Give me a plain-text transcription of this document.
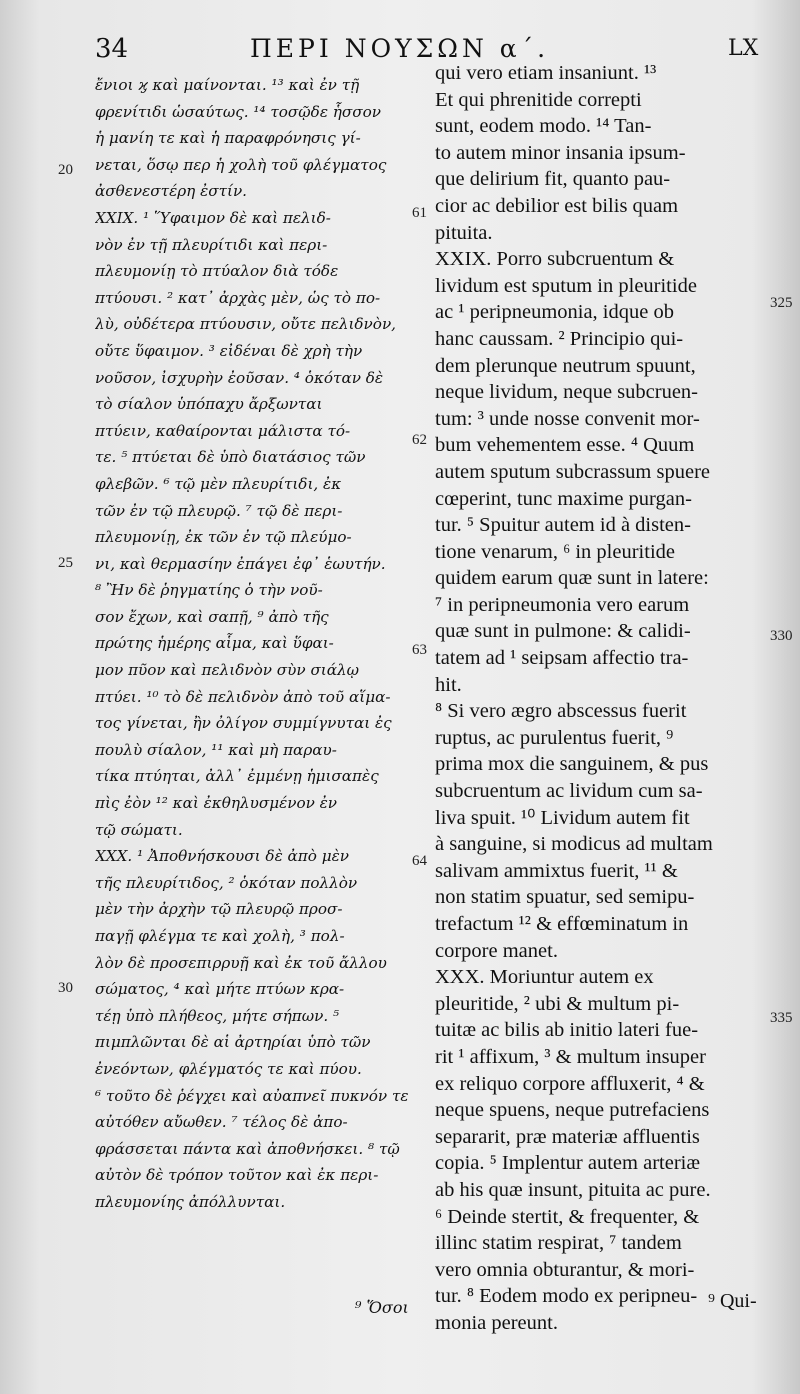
34	ΠΕΡΙ ΝΟΥΣΩΝ α΄.	LX
ἔνιοι ϗ καὶ μαίνονται. ¹³ καὶ ἐν τῇ
φρενίτιδι ὡσαύτως. ¹⁴ τοσῷδε ἧσσον
ἡ μανίη τε καὶ ἡ παραφρόνησις γί-
νεται, ὅσῳ περ ἡ χολὴ τοῦ φλέγματος
ἀσθενεστέρη ἐστίν.
XXIX. ¹ Ὕφαιμον δὲ καὶ πελιδ-
νὸν ἐν τῇ πλευρίτιδι καὶ περι-
πλευμονίῃ τὸ πτύαλον διὰ τόδε
πτύουσι. ² κατ᾽ ἀρχὰς μὲν, ὡς τὸ πο-
λὺ, οὐδέτερα πτύουσιν, οὔτε πελιδνὸν,
οὔτε ὕφαιμον. ³ εἰδέναι δὲ χρὴ τὴν
νοῦσον, ἰσχυρὴν ἐοῦσαν. ⁴ ὁκόταν δὲ
τὸ σίαλον ὑπόπαχυ ἄρξωνται
πτύειν, καθαίρονται μάλιστα τό-
τε. ⁵ πτύεται δὲ ὑπὸ διατάσιος τῶν
φλεβῶν. ⁶ τῷ μὲν πλευρίτιδι, ἐκ
τῶν ἐν τῷ πλευρῷ. ⁷ τῷ δὲ περι-
πλευμονίῃ, ἐκ τῶν ἐν τῷ πλεύμο-
νι, καὶ θερμασίην ἐπάγει ἐφ᾽ ἑωυτήν.
⁸ Ἢν δὲ ῥηγματίης ὁ τὴν νοῦ-
σον ἔχων, καὶ σαπῇ, ⁹ ἀπὸ τῆς
πρώτης ἡμέρης αἷμα, καὶ ὕφαι-
μον πῦον καὶ πελιδνὸν σὺν σιάλῳ
πτύει. ¹⁰ τὸ δὲ πελιδνὸν ἀπὸ τοῦ αἵμα-
τος γίνεται, ἢν ὀλίγον συμμίγνυται ἐς
πουλὺ σίαλον, ¹¹ καὶ μὴ παραυ-
τίκα πτύηται, ἀλλ᾽ ἐμμένῃ ἡμισαπὲς
πὶς ἐὸν ¹² καὶ ἐκθηλυσμένον ἐν
τῷ σώματι.
XXX. ¹ Ἀποθνήσκουσι δὲ ἀπὸ μὲν
τῆς πλευρίτιδος, ² ὁκόταν πολλὸν
μὲν τὴν ἀρχὴν τῷ πλευρῷ προσ-
παγῇ φλέγμα τε καὶ χολὴ, ³ πολ-
λὸν δὲ προσεπιρρυῇ καὶ ἐκ τοῦ ἄλλου
σώματος, ⁴ καὶ μήτε πτύων κρα-
τέῃ ὑπὸ πλήθεος, μήτε σήπων. ⁵
πιμπλῶνται δὲ αἱ ἀρτηρίαι ὑπὸ τῶν
ἐνεόντων, φλέγματός τε καὶ πύου.
⁶ τοῦτο δὲ ῥέγχει καὶ αὐαπνεῖ πυκνόν τε
αὐτόθεν αὔωθεν. ⁷ τέλος δὲ ἀπο-
φράσσεται πάντα καὶ ἀποθνήσκει. ⁸ τῷ
αὐτὸν δὲ τρόπον τοῦτον καὶ ἐκ περι-
πλευμονίης ἀπόλλυνται.
qui vero etiam insaniunt. ¹³
Et qui phrenitide correpti
sunt, eodem modo. ¹⁴ Tan-
to autem minor insania ipsum-
que delirium fit, quanto pau-
cior ac debilior est bilis quam
pituita.
XXIX. Porro subcruentum &
lividum est sputum in pleuritide
ac ¹ peripneumonia, idque ob
hanc caussam. ² Principio qui-
dem plerunque neutrum spuunt,
neque lividum, neque subcruen-
tum: ³ unde nosse convenit mor-
bum vehementem esse. ⁴ Quum
autem sputum subcrassum spuere
cœperint, tunc maxime purgan-
tur. ⁵ Spuitur autem id à disten-
tione venarum, ⁶ in pleuritide
quidem earum quæ sunt in latere:
⁷ in peripneumonia vero earum
quæ sunt in pulmone: & calidi-
tatem ad ¹ seipsam affectio tra-
hit.
⁸ Si vero ægro abscessus fuerit
ruptus, ac purulentus fuerit, ⁹
prima mox die sanguinem, & pus
subcruentum ac lividum cum sa-
liva spuit. ¹⁰ Lividum autem fit
à sanguine, si modicus ad multam
salivam ammixtus fuerit, ¹¹ &
non statim spuatur, sed semipu-
trefactum ¹² & effœminatum in
corpore manet.
XXX. Moriuntur autem ex
pleuritide, ² ubi & multum pi-
tuitæ ac bilis ab initio lateri fue-
rit ¹ affixum, ³ & multum insuper
ex reliquo corpore affluxerit, ⁴ &
neque spuens, neque putrefaciens
separarit, præ materiæ affluentis
copia. ⁵ Implentur autem arteriæ
ab his quæ insunt, pituita ac pure.
⁶ Deinde stertit, & frequenter, &
illinc statim respirat, ⁷ tandem
vero omnia obturantur, & mori-
tur. ⁸ Eodem modo ex peripneu-
monia pereunt.
20
61
62
25
63
64
30
325
330
335
⁹ Ὅσοι	⁹ Qui-
